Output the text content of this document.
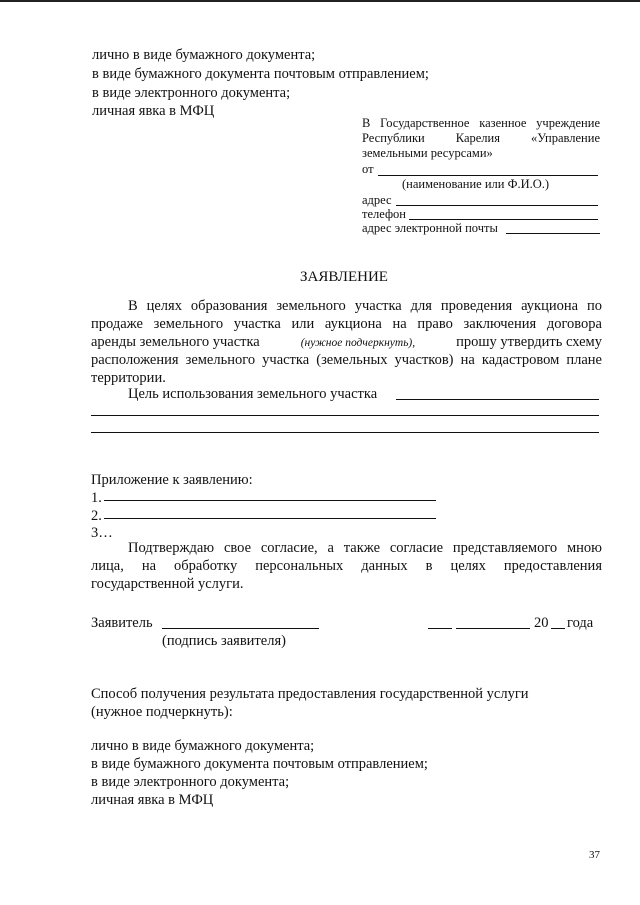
лично в виде бумажного документа;
в виде бумажного документа почтовым отправлением;
в виде электронного документа;
личная явка в МФЦ
В Государственное казенное учреждение
Республики Карелия «Управление
земельными ресурсами»
от
(наименование или Ф.И.О.)
адрес
телефон
адрес электронной почты
ЗАЯВЛЕНИЕ
В целях образования земельного участка для проведения аукциона по
продаже земельного участка или аукциона на право заключения договора
аренды земельного участка	(нужное подчеркнуть),	прошу утвердить схему
расположения земельного участка (земельных участков) на кадастровом плане
территории.
Цель использования земельного участка
Приложение к заявлению:
1.
2.
3…
Подтверждаю свое согласие, а также согласие представляемого мною
лица, на обработку персональных данных в целях предоставления
государственной услуги.
Заявитель
(подпись заявителя)
20 года
Способ получения результата предоставления государственной услуги
(нужное подчеркнуть):
лично в виде бумажного документа;
в виде бумажного документа почтовым отправлением;
в виде электронного документа;
личная явка в МФЦ
37
